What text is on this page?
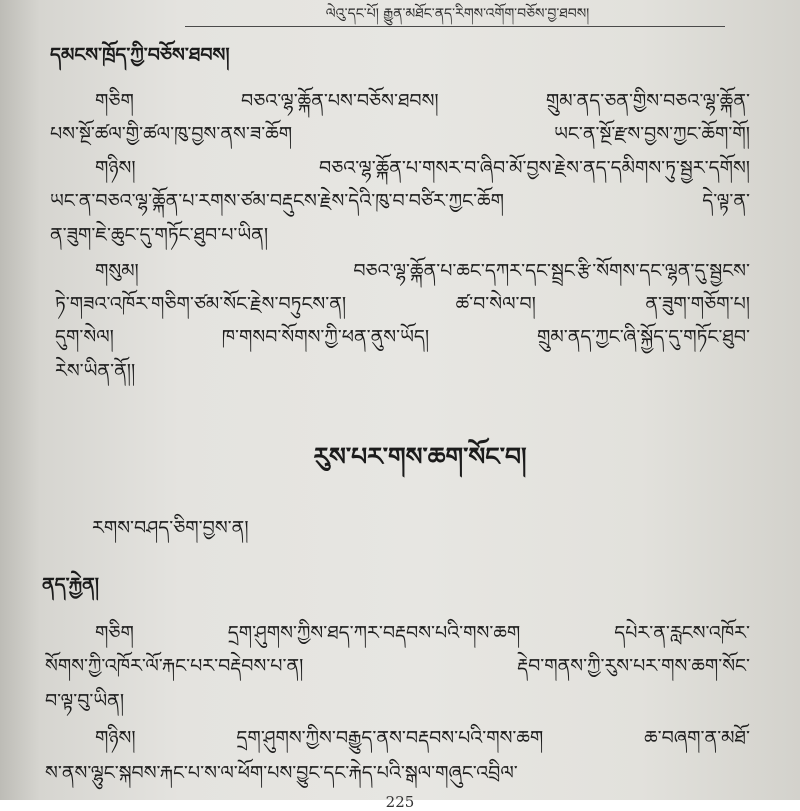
ལེའུ་དང་པོ། རྒྱུན་མཐོང་ནད་རིགས་འགོག་བཅོས་བྱ་ཐབས།
དམངས་ཁྲོད་ཀྱི་བཅོས་ཐབས།
གཅིག བཅའ་ལྷ་ཆྐོན་པས་བཅོས་ཐབས། གྲུམ་ནད་ཅན་གྱིས་བཅའ་ལྷ་ཆྐོན་
པས་སྔོ་ཚལ་གྱི་ཚལ་ཁུ་བྱས་ནས་ཟ་ཆོག ཡང་ན་སྔོ་རྫས་བྱས་ཀྱང་ཆོག་གོ།
གཉིས། བཅའ་ལྷ་ཆྐོན་པ་གསར་བ་ཞིབ་མོ་བྱས་རྗེས་ནད་དམིགས་ཏུ་སྦྱར་དགོས།
ཡང་ན་བཅའ་ལྷ་ཆྐོན་པ་རགས་ཙམ་བརྡུངས་རྗེས་དེའི་ཁུ་བ་བཙིར་ཀྱང་ཆོག དེ་ལྟ་ན་
ན་ཟུག་ཇེ་ཆུང་དུ་གཏོང་ཐུབ་པ་ཡིན།
གསུམ། བཅའ་ལྷ་ཆྐོན་པ་ཆང་དཀར་དང་སྦྲང་རྩི་སོགས་དང་ལྷན་དུ་སྦྱངས་
ཏེ་གཟའ་འཁོར་གཅིག་ཙམ་སོང་རྗེས་བཏུངས་ན། ཚ་བ་སེལ་བ། ན་ཟུག་གཅོག་པ།
དུག་སེལ། ཁ་གསབ་སོགས་ཀྱི་ཕན་ནུས་ཡོད། གྲུམ་ནད་ཀྱང་ཞི་སྐྱོད་དུ་གཏོང་ཐུབ་
རེས་ཡིན་ནོ།།
རུས་པར་གས་ཆག་སོང་བ།
རགས་བཤད་ཅིག་བྱས་ན།
ནད་རྐྱེན།
གཅིག དྲག་ཤུགས་ཀྱིས་ཐད་ཀར་བརྡབས་པའི་གས་ཆག དཔེར་ན་རླངས་འཁོར་
སོགས་ཀྱི་འཁོར་ལོ་རྐང་པར་བརྡེབས་པ་ན། རྡེབ་གནས་ཀྱི་རུས་པར་གས་ཆག་སོང་
བ་ལྟ་བུ་ཡིན།
གཉིས། དྲག་ཤུགས་ཀྱིས་བརྒྱུད་ནས་བརྡབས་པའི་གས་ཆག ཆ་བཞག་ན་མཐོ་
ས་ནས་ལྷུང་སྐབས་རྐང་པ་ས་ལ་ཕོག་པས་བྱུང་དང་རྐེད་པའི་སྒལ་གཞུང་འབྲིལ་
225
